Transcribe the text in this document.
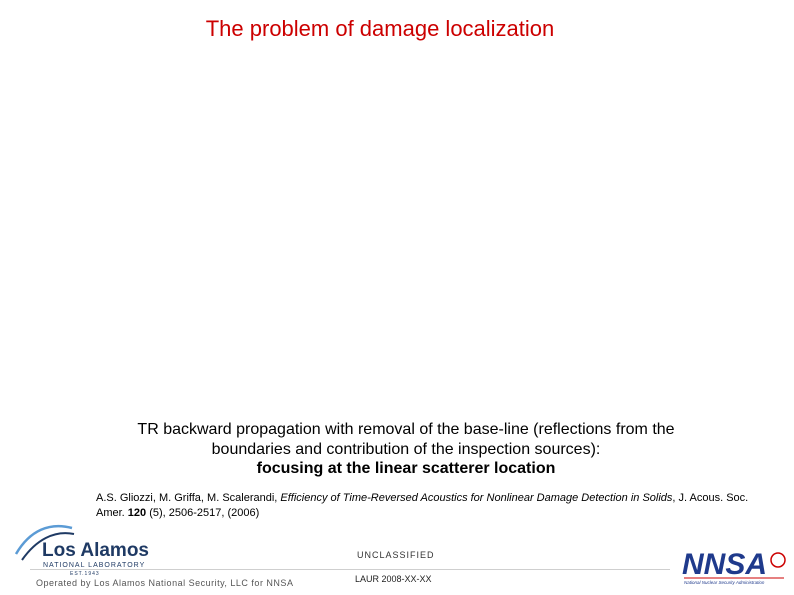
The problem of damage localization
TR backward propagation with removal of the base-line (reflections from the
boundaries and contribution of the inspection sources):
focusing at the linear scatterer location
A.S. Gliozzi, M. Griffa, M. Scalerandi, Efficiency of Time-Reversed Acoustics for Nonlinear Damage Detection in Solids, J. Acous. Soc. Amer. 120 (5), 2506-2517, (2006)
Los Alamos
NATIONAL LABORATORY
EST.1943
Operated by Los Alamos National Security, LLC for NNSA
UNCLASSIFIED
LAUR 2008-XX-XX	NNSA
National Nuclear Security Administration
